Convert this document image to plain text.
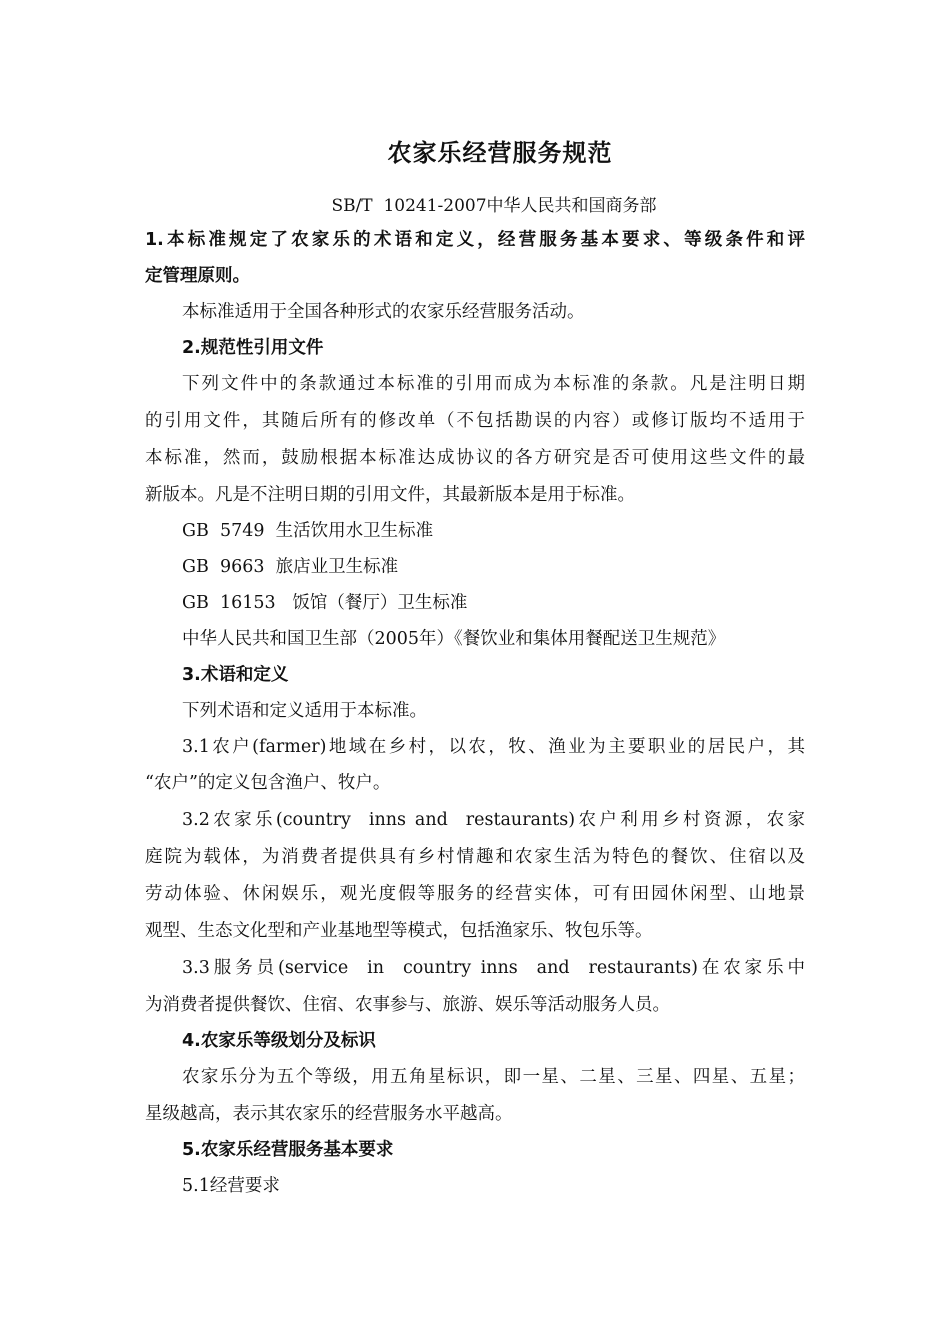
农家乐经营服务规范
SB/T  10241-2007中华人民共和国商务部
1.本标准规定了农家乐的术语和定义，经营服务基本要求、等级条件和评
定管理原则。
本标准适用于全国各种形式的农家乐经营服务活动。
2.规范性引用文件
下列文件中的条款通过本标准的引用而成为本标准的条款。凡是注明日期
的引用文件，其随后所有的修改单（不包括勘误的内容）或修订版均不适用于
本标准，然而，鼓励根据本标准达成协议的各方研究是否可使用这些文件的最
新版本。凡是不注明日期的引用文件，其最新版本是用于标准。
GB  5749  生活饮用水卫生标准
GB  9663  旅店业卫生标准
GB  16153   饭馆（餐厅）卫生标准
中华人民共和国卫生部（2005年）《餐饮业和集体用餐配送卫生规范》
3.术语和定义
下列术语和定义适用于本标准。
3.1农户(farmer)地域在乡村，以农，牧、渔业为主要职业的居民户，其
“农户”的定义包含渔户、牧户。
3.2农家乐(country  inns and  restaurants)农户利用乡村资源，农家
庭院为载体，为消费者提供具有乡村情趣和农家生活为特色的餐饮、住宿以及
劳动体验、休闲娱乐，观光度假等服务的经营实体，可有田园休闲型、山地景
观型、生态文化型和产业基地型等模式，包括渔家乐、牧包乐等。
3.3服务员(service  in  country inns  and  restaurants)在农家乐中
为消费者提供餐饮、住宿、农事参与、旅游、娱乐等活动服务人员。
4.农家乐等级划分及标识
农家乐分为五个等级，用五角星标识，即一星、二星、三星、四星、五星；
星级越高，表示其农家乐的经营服务水平越高。
5.农家乐经营服务基本要求
5.1经营要求
